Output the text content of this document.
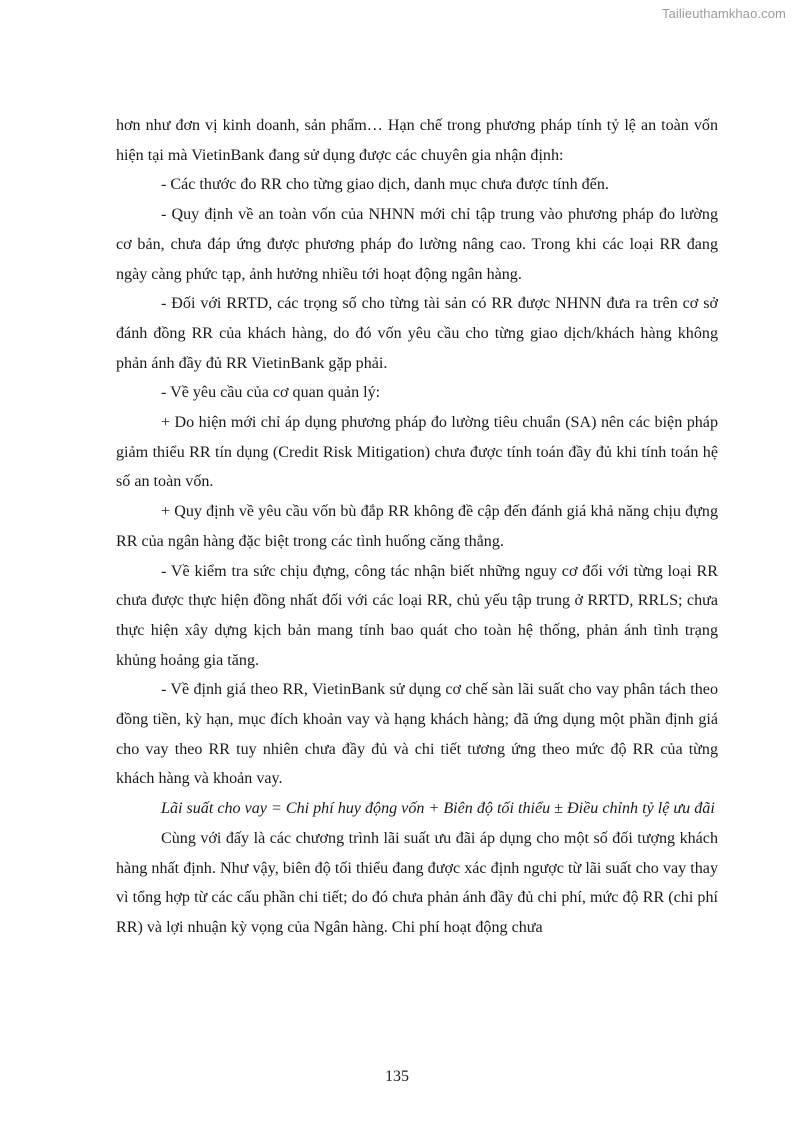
Tailieuthamkhao.com

hơn như đơn vị kinh doanh, sản phẩm… Hạn chế trong phương pháp tính tỷ lệ an toàn vốn hiện tại mà VietinBank đang sử dụng được các chuyên gia nhận định:

- Các thước đo RR cho từng giao dịch, danh mục chưa được tính đến.

- Quy định về an toàn vốn của NHNN mới chỉ tập trung vào phương pháp đo lường cơ bản, chưa đáp ứng được phương pháp đo lường nâng cao. Trong khi các loại RR đang ngày càng phức tạp, ảnh hưởng nhiều tới hoạt động ngân hàng.

- Đối với RRTD, các trọng số cho từng tài sản có RR được NHNN đưa ra trên cơ sở đánh đồng RR của khách hàng, do đó vốn yêu cầu cho từng giao dịch/khách hàng không phản ánh đầy đủ RR VietinBank gặp phải.

- Về yêu cầu của cơ quan quản lý:

+ Do hiện mới chỉ áp dụng phương pháp đo lường tiêu chuẩn (SA) nên các biện pháp giảm thiểu RR tín dụng (Credit Risk Mitigation) chưa được tính toán đầy đủ khi tính toán hệ số an toàn vốn.

+ Quy định về yêu cầu vốn bù đắp RR không đề cập đến đánh giá khả năng chịu đựng RR của ngân hàng đặc biệt trong các tình huống căng thẳng.

- Về kiểm tra sức chịu đựng, công tác nhận biết những nguy cơ đối với từng loại RR chưa được thực hiện đồng nhất đối với các loại RR, chủ yếu tập trung ở RRTD, RRLS; chưa thực hiện xây dựng kịch bản mang tính bao quát cho toàn hệ thống, phản ánh tình trạng khủng hoảng gia tăng.

- Về định giá theo RR, VietinBank sử dụng cơ chế sàn lãi suất cho vay phân tách theo đồng tiền, kỳ hạn, mục đích khoản vay và hạng khách hàng; đã ứng dụng một phần định giá cho vay theo RR tuy nhiên chưa đầy đủ và chi tiết tương ứng theo mức độ RR của từng khách hàng và khoản vay.

Lãi suất cho vay = Chi phí huy động vốn + Biên độ tối thiểu ± Điều chỉnh tỷ lệ ưu đãi

Cùng với đấy là các chương trình lãi suất ưu đãi áp dụng cho một số đối tượng khách hàng nhất định. Như vậy, biên độ tối thiểu đang được xác định ngược từ lãi suất cho vay thay vì tổng hợp từ các cấu phần chi tiết; do đó chưa phản ánh đầy đủ chi phí, mức độ RR (chi phí RR) và lợi nhuận kỳ vọng của Ngân hàng. Chi phí hoạt động chưa

135
